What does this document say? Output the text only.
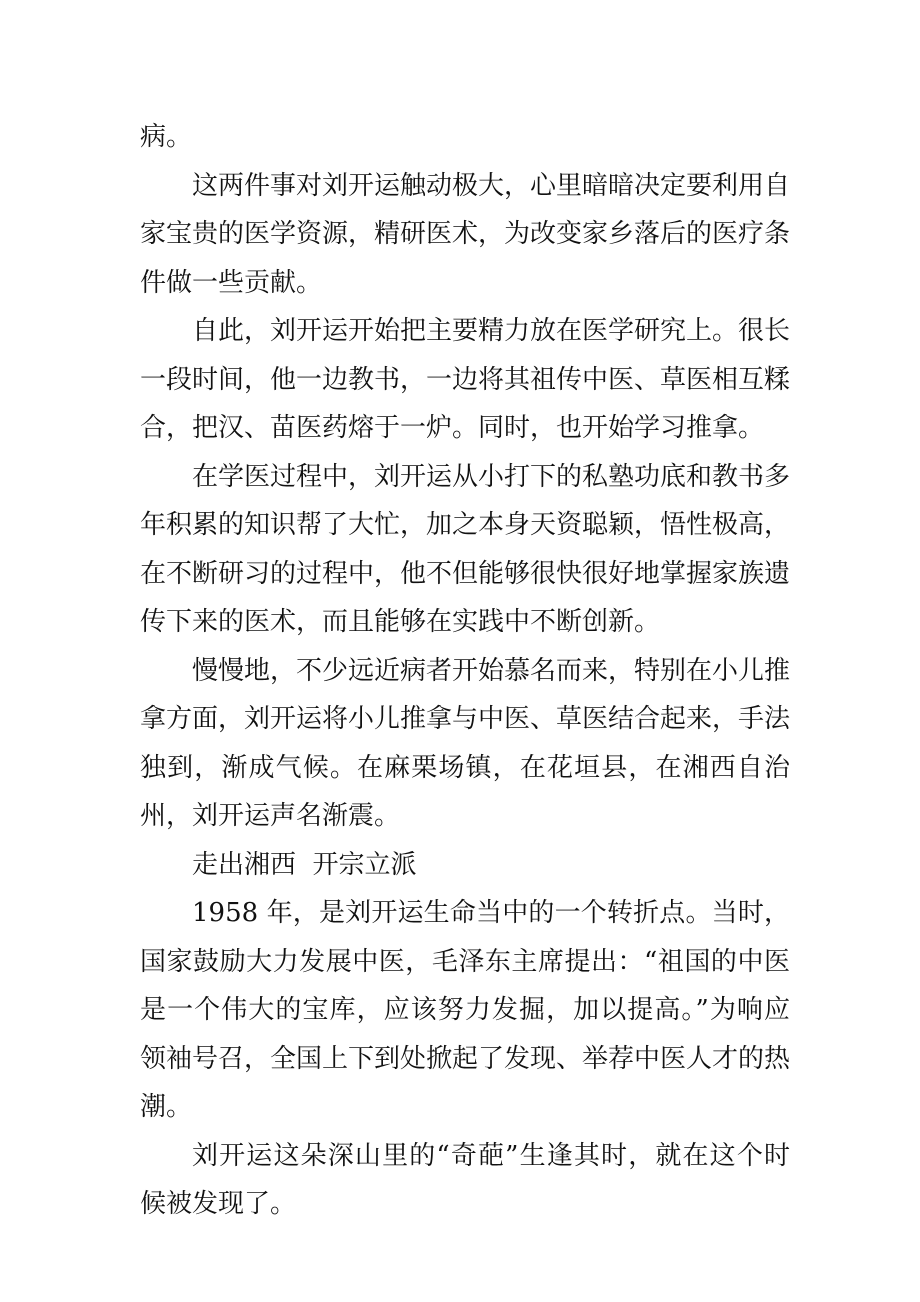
病。

这两件事对刘开运触动极大，心里暗暗决定要利用自家宝贵的医学资源，精研医术，为改变家乡落后的医疗条件做一些贡献。

自此，刘开运开始把主要精力放在医学研究上。很长一段时间，他一边教书，一边将其祖传中医、草医相互糅合，把汉、苗医药熔于一炉。同时，也开始学习推拿。

在学医过程中，刘开运从小打下的私塾功底和教书多年积累的知识帮了大忙，加之本身天资聪颖，悟性极高，在不断研习的过程中，他不但能够很快很好地掌握家族遗传下来的医术，而且能够在实践中不断创新。

慢慢地，不少远近病者开始慕名而来，特别在小儿推拿方面，刘开运将小儿推拿与中医、草医结合起来，手法独到，渐成气候。在麻栗场镇，在花垣县，在湘西自治州，刘开运声名渐震。

走出湘西  开宗立派

1958 年，是刘开运生命当中的一个转折点。当时，国家鼓励大力发展中医，毛泽东主席提出：“祖国的中医是一个伟大的宝库，应该努力发掘，加以提高。”为响应领袖号召，全国上下到处掀起了发现、举荐中医人才的热潮。

刘开运这朵深山里的“奇葩”生逢其时，就在这个时候被发现了。
